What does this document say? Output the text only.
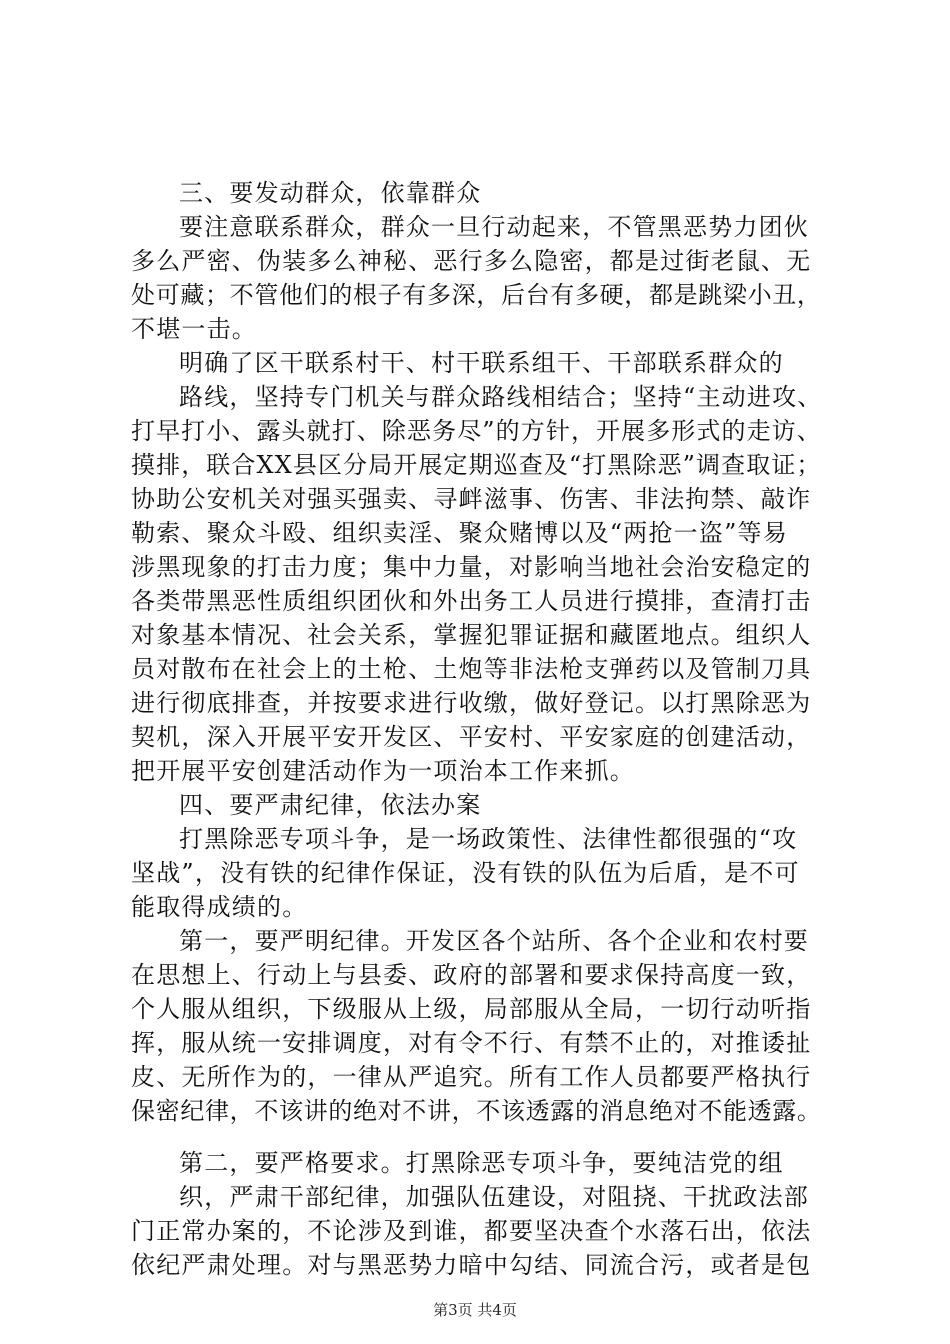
三、要发动群众，依靠群众
要注意联系群众，群众一旦行动起来，不管黑恶势力团伙
多么严密、伪装多么神秘、恶行多么隐密，都是过街老鼠、无
处可藏；不管他们的根子有多深，后台有多硬，都是跳梁小丑，
不堪一击。
明确了区干联系村干、村干联系组干、干部联系群众的
路线，坚持专门机关与群众路线相结合；坚持“主动进攻、
打早打小、露头就打、除恶务尽”的方针，开展多形式的走访、
摸排，联合XX县区分局开展定期巡查及“打黑除恶”调查取证；
协助公安机关对强买强卖、寻衅滋事、伤害、非法拘禁、敲诈
勒索、聚众斗殴、组织卖淫、聚众赌博以及“两抢一盗”等易
涉黑现象的打击力度；集中力量，对影响当地社会治安稳定的
各类带黑恶性质组织团伙和外出务工人员进行摸排，查清打击
对象基本情况、社会关系，掌握犯罪证据和藏匿地点。组织人
员对散布在社会上的土枪、土炮等非法枪支弹药以及管制刀具
进行彻底排查，并按要求进行收缴，做好登记。以打黑除恶为
契机，深入开展平安开发区、平安村、平安家庭的创建活动，
把开展平安创建活动作为一项治本工作来抓。
四、要严肃纪律，依法办案
打黑除恶专项斗争，是一场政策性、法律性都很强的“攻
坚战”，没有铁的纪律作保证，没有铁的队伍为后盾，是不可
能取得成绩的。
第一，要严明纪律。开发区各个站所、各个企业和农村要
在思想上、行动上与县委、政府的部署和要求保持高度一致，
个人服从组织，下级服从上级，局部服从全局，一切行动听指
挥，服从统一安排调度，对有令不行、有禁不止的，对推诿扯
皮、无所作为的，一律从严追究。所有工作人员都要严格执行
保密纪律，不该讲的绝对不讲，不该透露的消息绝对不能透露。
第二，要严格要求。打黑除恶专项斗争，要纯洁党的组
织，严肃干部纪律，加强队伍建设，对阻挠、干扰政法部
门正常办案的，不论涉及到谁，都要坚决查个水落石出，依法
依纪严肃处理。对与黑恶势力暗中勾结、同流合污，或者是包
第3页 共4页
